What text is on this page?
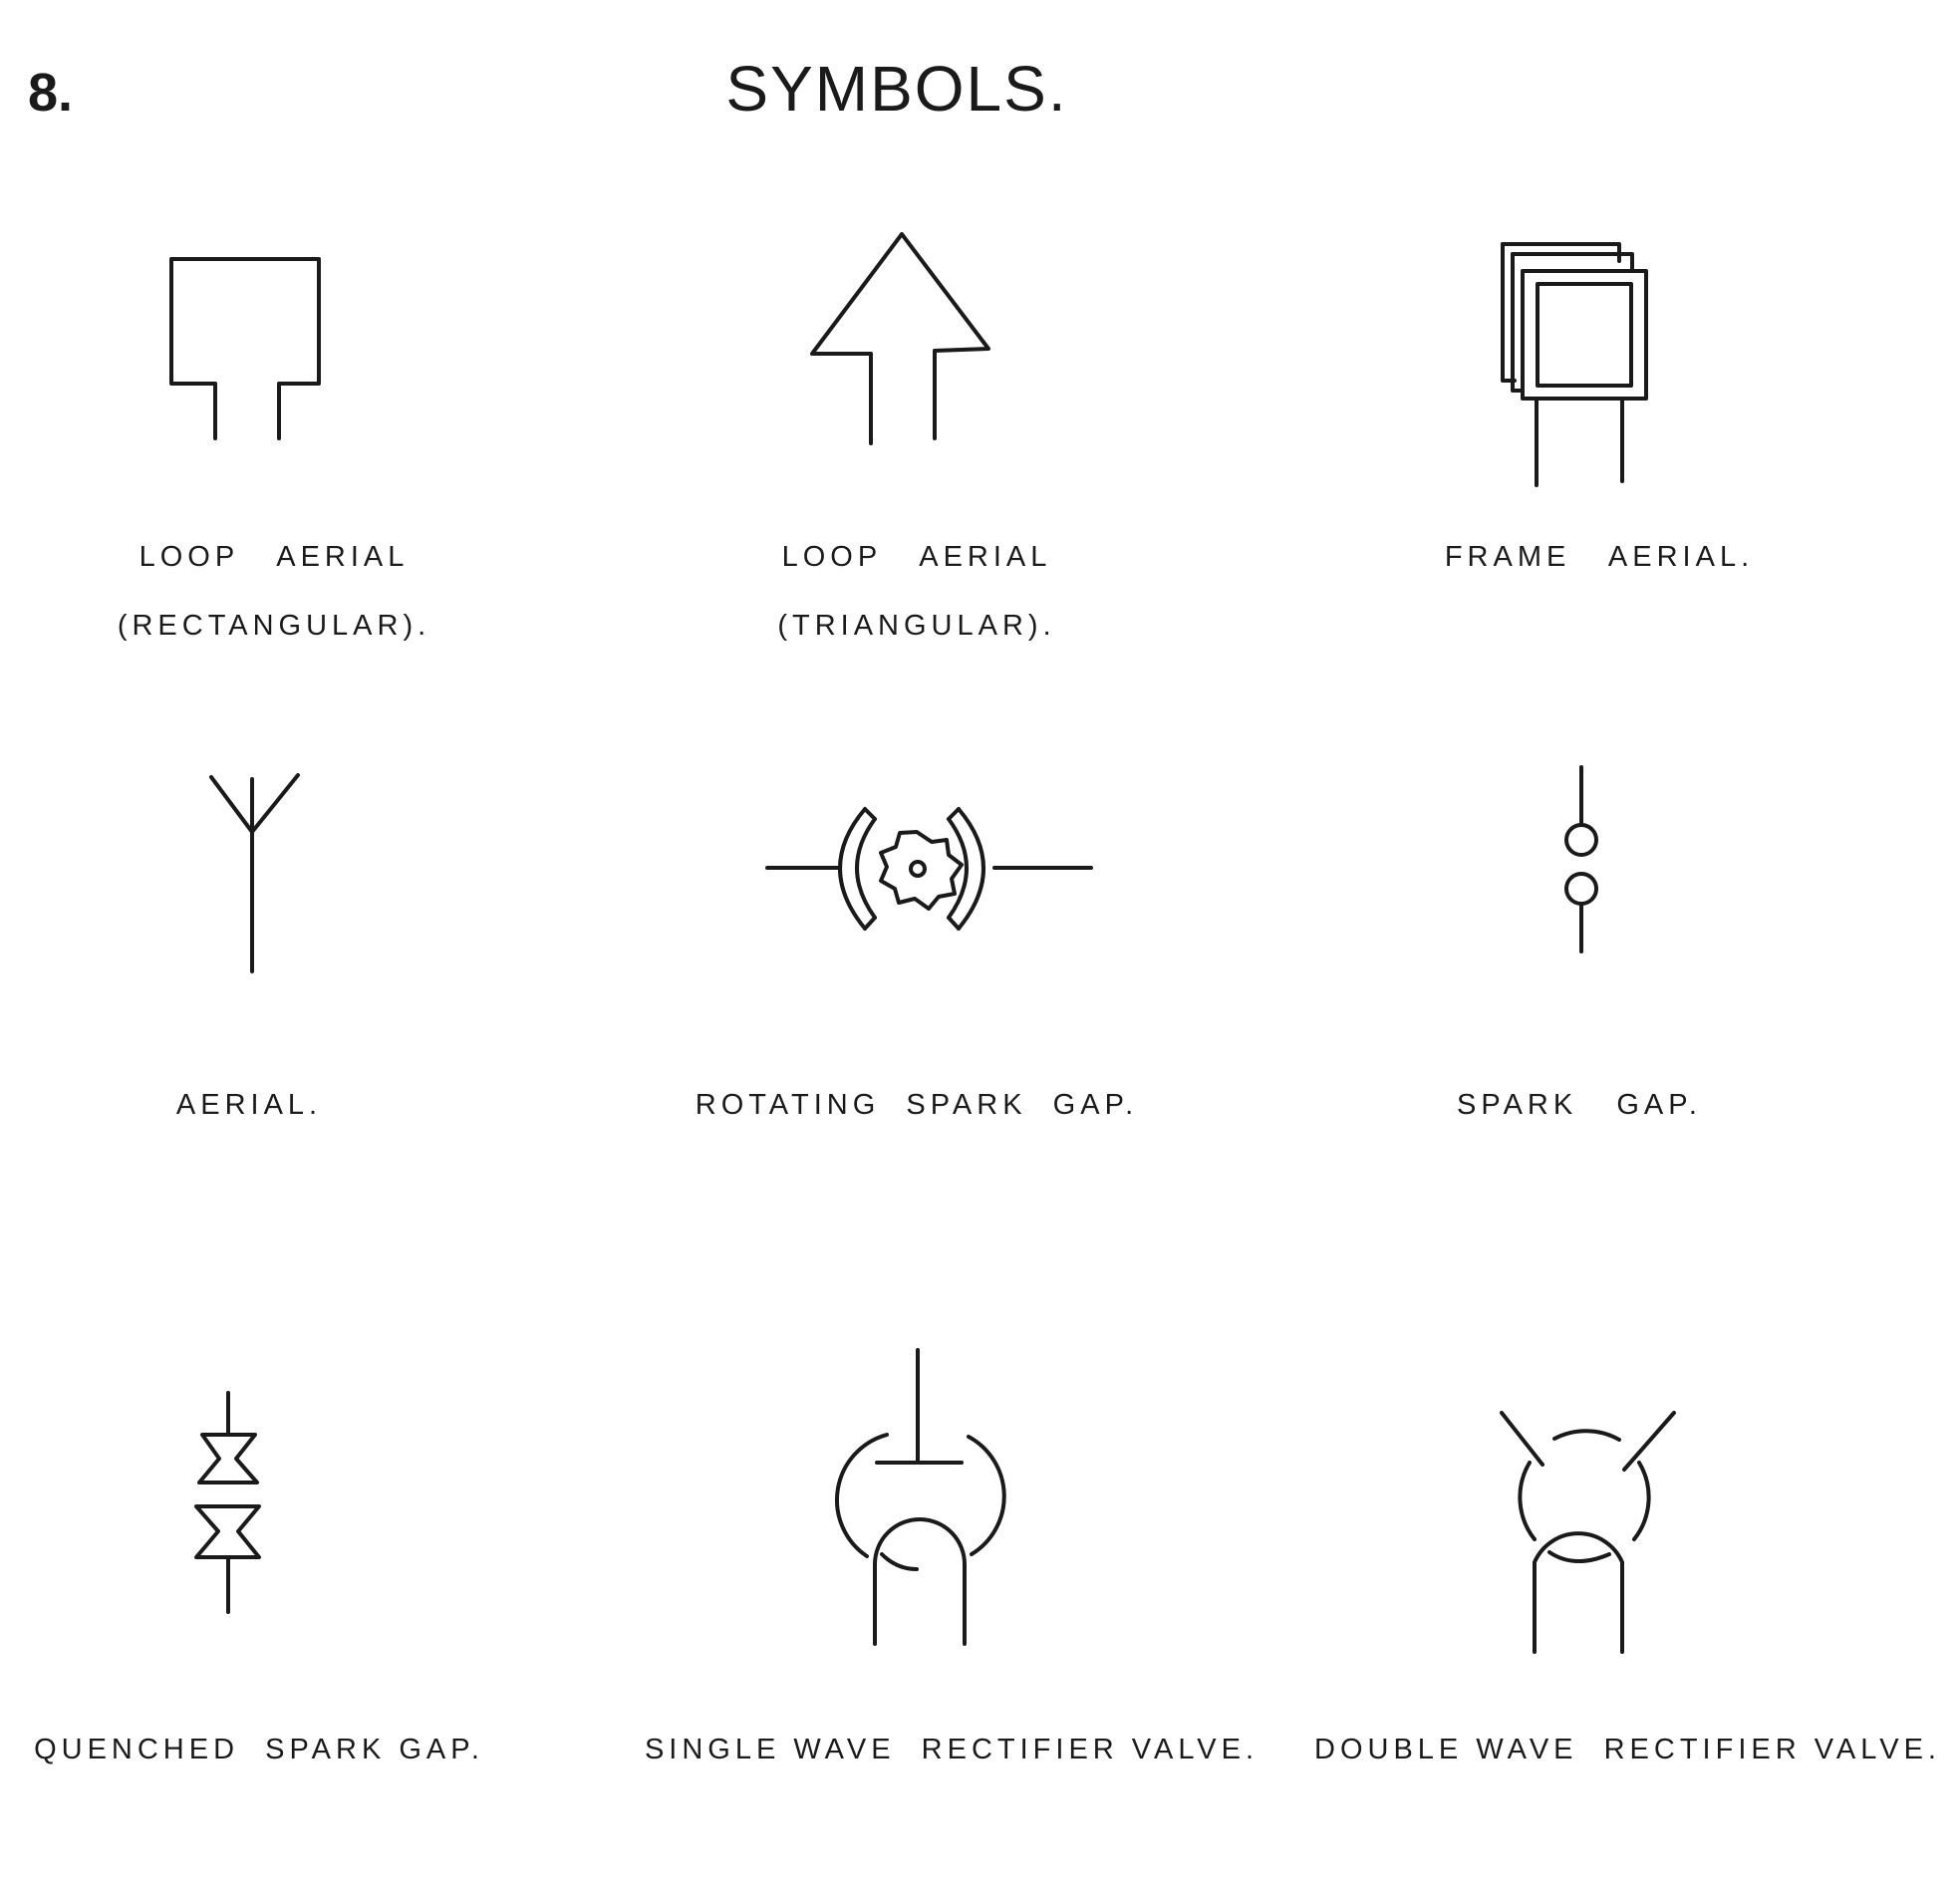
8.	SYMBOLS.
LOOP   AERIAL
(RECTANGULAR).
LOOP   AERIAL
(TRIANGULAR).
FRAME   AERIAL.
AERIAL.	ROTATING  SPARK  GAP.	SPARK   GAP.
QUENCHED  SPARK GAP.	SINGLE WAVE  RECTIFIER VALVE.	DOUBLE WAVE  RECTIFIER VALVE.
